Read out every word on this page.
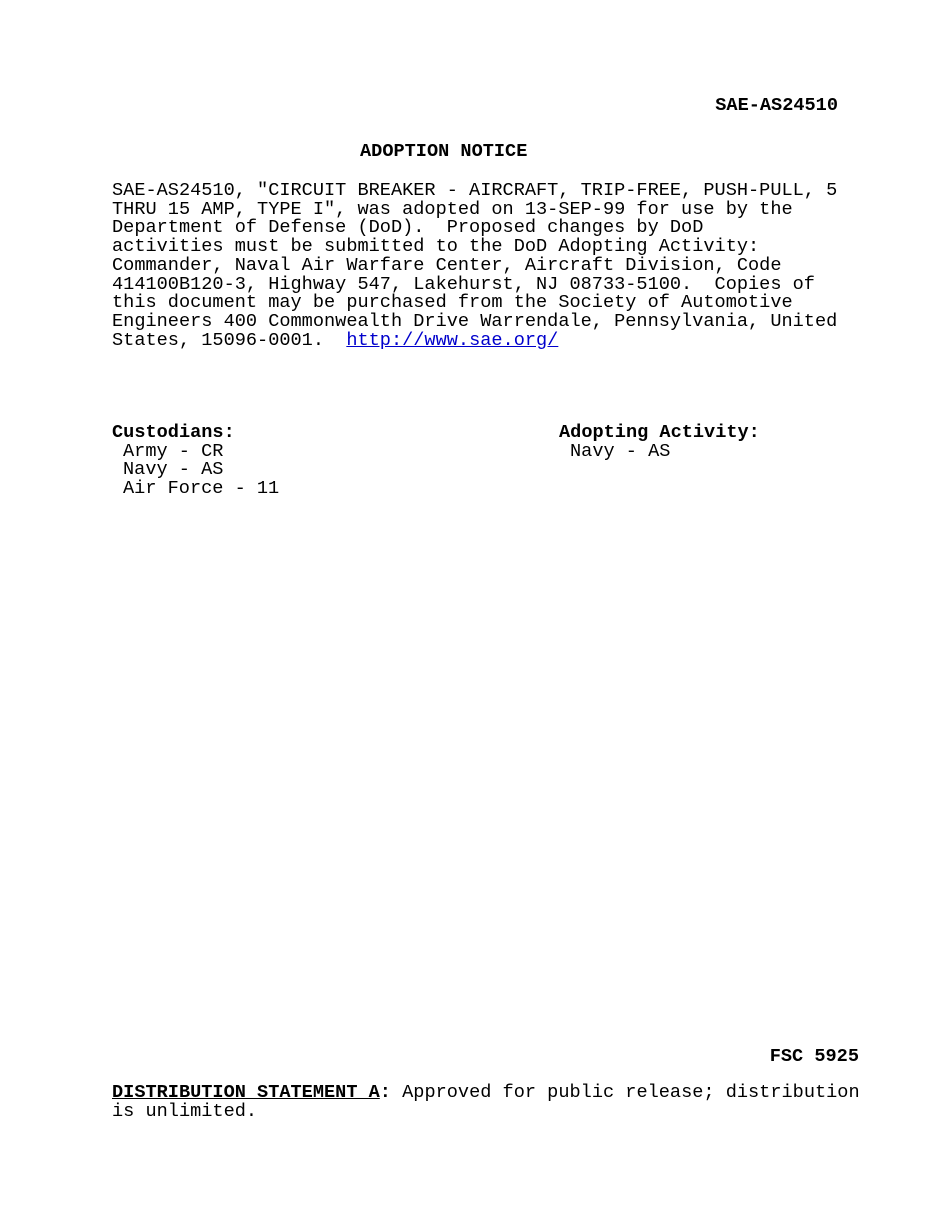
SAE-AS24510
ADOPTION NOTICE
SAE-AS24510, "CIRCUIT BREAKER - AIRCRAFT, TRIP-FREE, PUSH-PULL, 5
THRU 15 AMP, TYPE I", was adopted on 13-SEP-99 for use by the
Department of Defense (DoD).  Proposed changes by DoD
activities must be submitted to the DoD Adopting Activity:
Commander, Naval Air Warfare Center, Aircraft Division, Code
414100B120-3, Highway 547, Lakehurst, NJ 08733-5100.  Copies of
this document may be purchased from the Society of Automotive
Engineers 400 Commonwealth Drive Warrendale, Pennsylvania, United
States, 15096-0001.  http://www.sae.org/
Custodians:
Army - CR
Navy - AS
Air Force - 11
Adopting Activity:
Navy - AS
FSC 5925
DISTRIBUTION STATEMENT A: Approved for public release; distribution
is unlimited.
